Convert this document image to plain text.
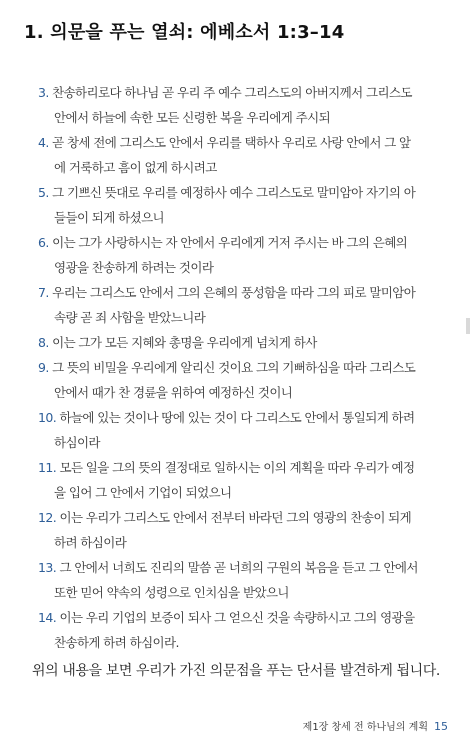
1. 의문을 푸는 열쇠: 에베소서 1:3–14
3. 찬송하리로다 하나님 곧 우리 주 예수 그리스도의 아버지께서 그리스도 안에서 하늘에 속한 모든 신령한 복을 우리에게 주시되
4. 곧 창세 전에 그리스도 안에서 우리를 택하사 우리로 사랑 안에서 그 앞에 거룩하고 흠이 없게 하시려고
5. 그 기쁘신 뜻대로 우리를 예정하사 예수 그리스도로 말미암아 자기의 아들들이 되게 하셨으니
6. 이는 그가 사랑하시는 자 안에서 우리에게 거저 주시는 바 그의 은혜의 영광을 찬송하게 하려는 것이라
7. 우리는 그리스도 안에서 그의 은혜의 풍성함을 따라 그의 피로 말미암아 속량 곧 죄 사함을 받았느니라
8. 이는 그가 모든 지혜와 총명을 우리에게 넘치게 하사
9. 그 뜻의 비밀을 우리에게 알리신 것이요 그의 기뻐하심을 따라 그리스도 안에서 때가 찬 경륜을 위하여 예정하신 것이니
10. 하늘에 있는 것이나 땅에 있는 것이 다 그리스도 안에서 통일되게 하려 하심이라
11. 모든 일을 그의 뜻의 결정대로 일하시는 이의 계획을 따라 우리가 예정을 입어 그 안에서 기업이 되었으니
12. 이는 우리가 그리스도 안에서 전부터 바라던 그의 영광의 찬송이 되게 하려 하심이라
13. 그 안에서 너희도 진리의 말씀 곧 너희의 구원의 복음을 듣고 그 안에서 또한 믿어 약속의 성령으로 인치심을 받았으니
14. 이는 우리 기업의 보증이 되사 그 얻으신 것을 속량하시고 그의 영광을 찬송하게 하려 하심이라.
위의 내용을 보면 우리가 가진 의문점을 푸는 단서를 발견하게 됩니다.
제1장 창세 전 하나님의 계획 15
